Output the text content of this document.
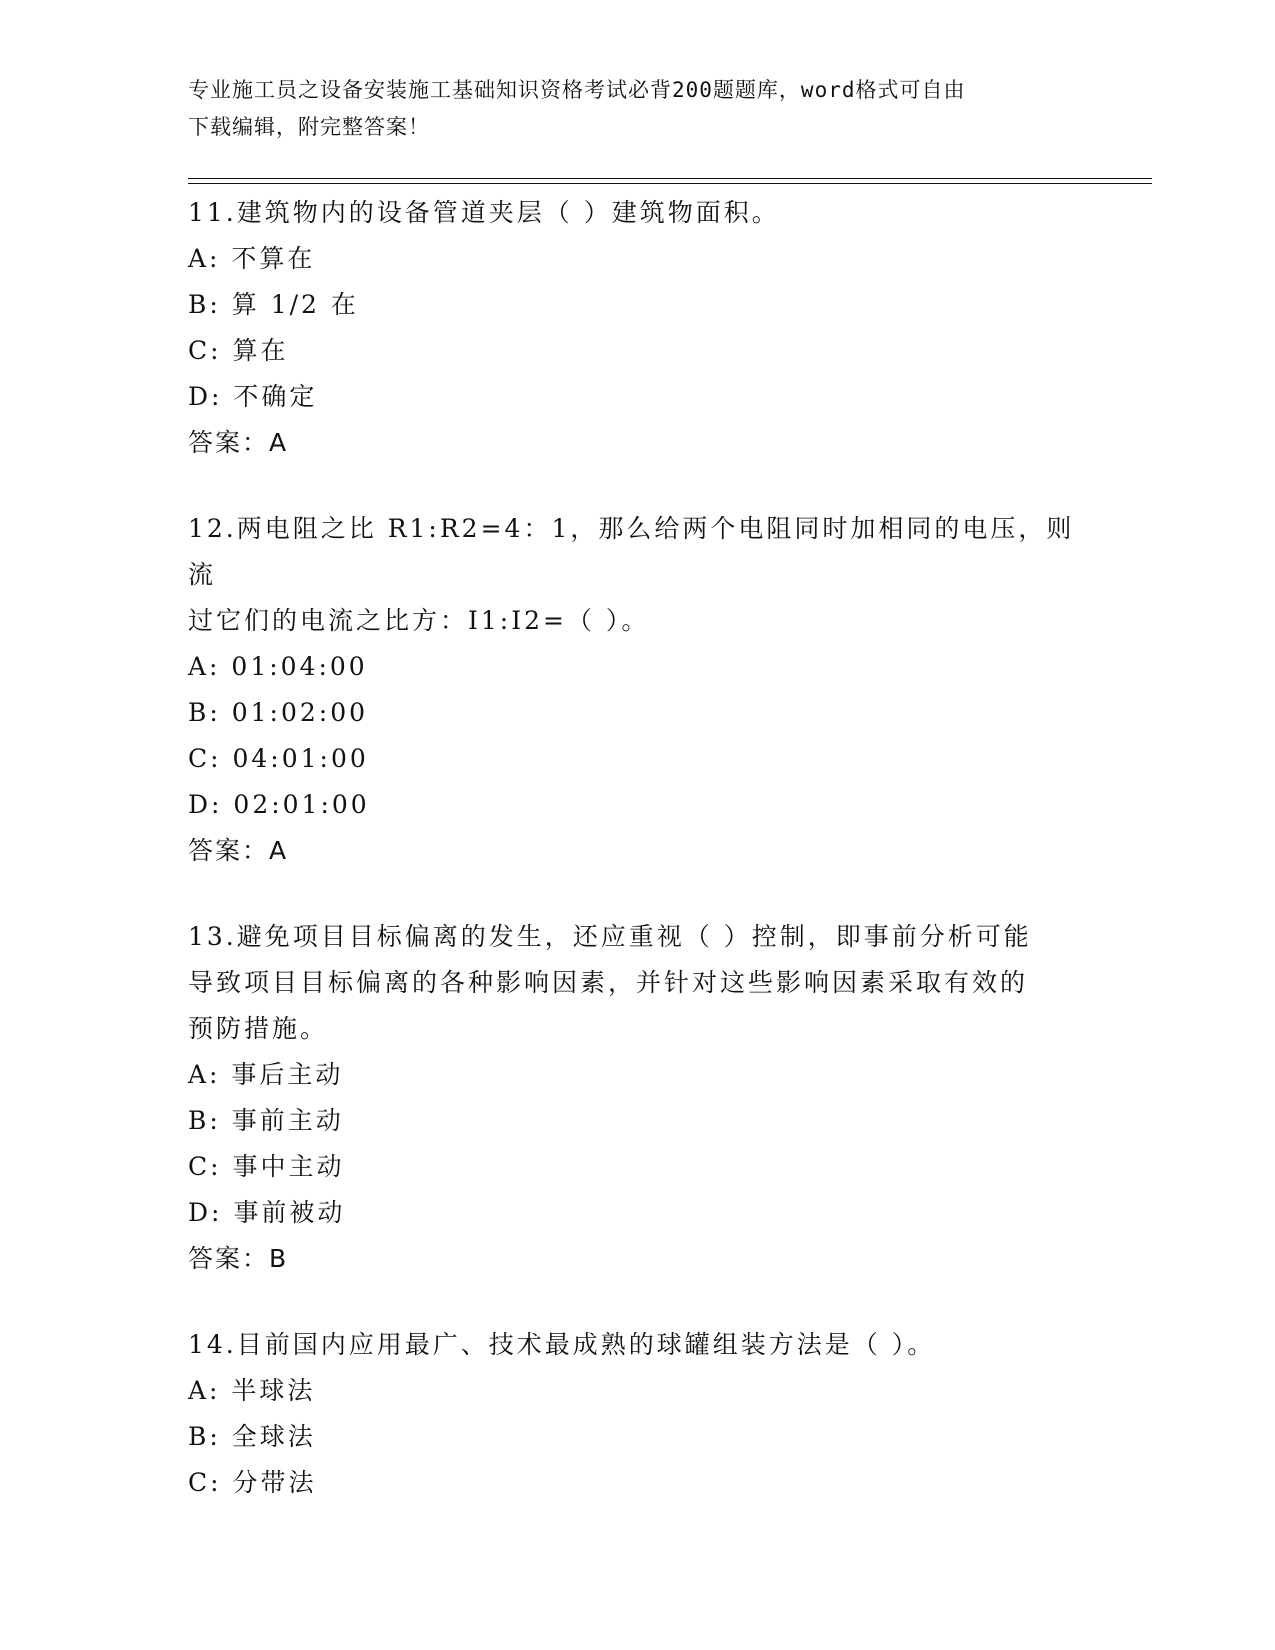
专业施工员之设备安装施工基础知识资格考试必背200题题库，word格式可自由
下载编辑，附完整答案！

11.建筑物内的设备管道夹层（ ）建筑物面积。

A: 不算在

B: 算 1/2 在

C: 算在

D: 不确定

答案：A

12.两电阻之比 R1:R2=4：1，那么给两个电阻同时加相同的电压，则流

过它们的电流之比方：I1:I2=（ ）。

A: 01:04:00

B: 01:02:00

C: 04:01:00

D: 02:01:00

答案：A

13.避免项目目标偏离的发生，还应重视（ ）控制，即事前分析可能

导致项目目标偏离的各种影响因素，并针对这些影响因素采取有效的

预防措施。

A: 事后主动

B: 事前主动

C: 事中主动

D: 事前被动

答案：B

14.目前国内应用最广、技术最成熟的球罐组装方法是（ ）。

A: 半球法

B: 全球法

C: 分带法
